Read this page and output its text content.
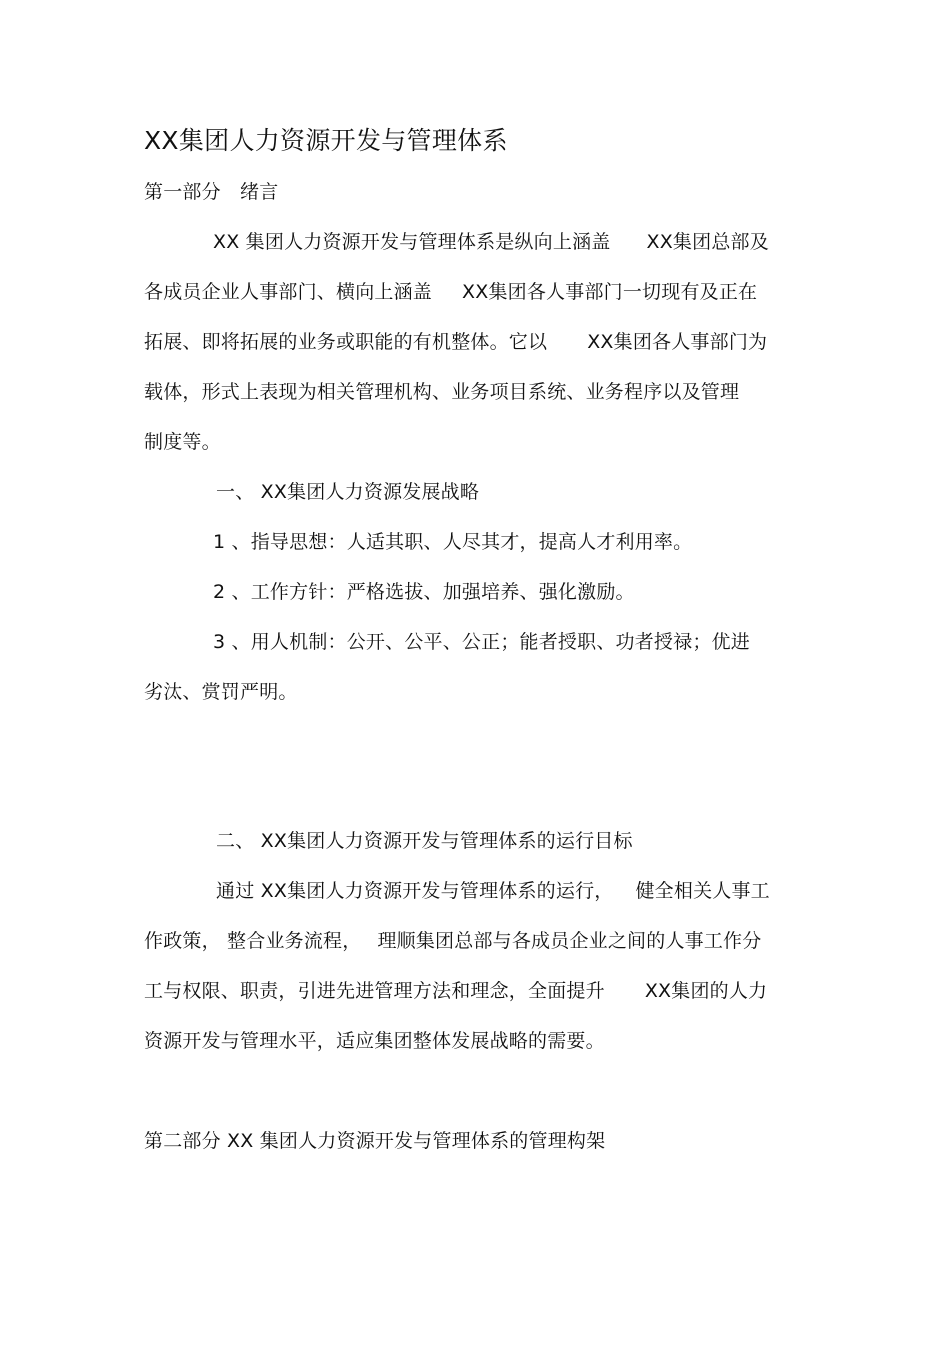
XX集团人力资源开发与管理体系
第一部分　绪言
XX 集团人力资源开发与管理体系是纵向上涵盖 XX集团总部及
各成员企业人事部门、横向上涵盖 XX集团各人事部门一切现有及正在
拓展、即将拓展的业务或职能的有机整体。它以 XX集团各人事部门为
载体，形式上表现为相关管理机构、业务项目系统、业务程序以及管理
制度等。
一、 XX集团人力资源发展战略
1 、指导思想：人适其职、人尽其才，提高人才利用率。
2 、工作方针：严格选拔、加强培养、强化激励。
3 、用人机制：公开、公平、公正；能者授职、功者授禄；优进
劣汰、赏罚严明。
二、 XX集团人力资源开发与管理体系的运行目标
通过 XX集团人力资源开发与管理体系的运行， 健全相关人事工
作政策， 整合业务流程， 理顺集团总部与各成员企业之间的人事工作分
工与权限、职责，引进先进管理方法和理念，全面提升 XX集团的人力
资源开发与管理水平，适应集团整体发展战略的需要。
第二部分 XX 集团人力资源开发与管理体系的管理构架
